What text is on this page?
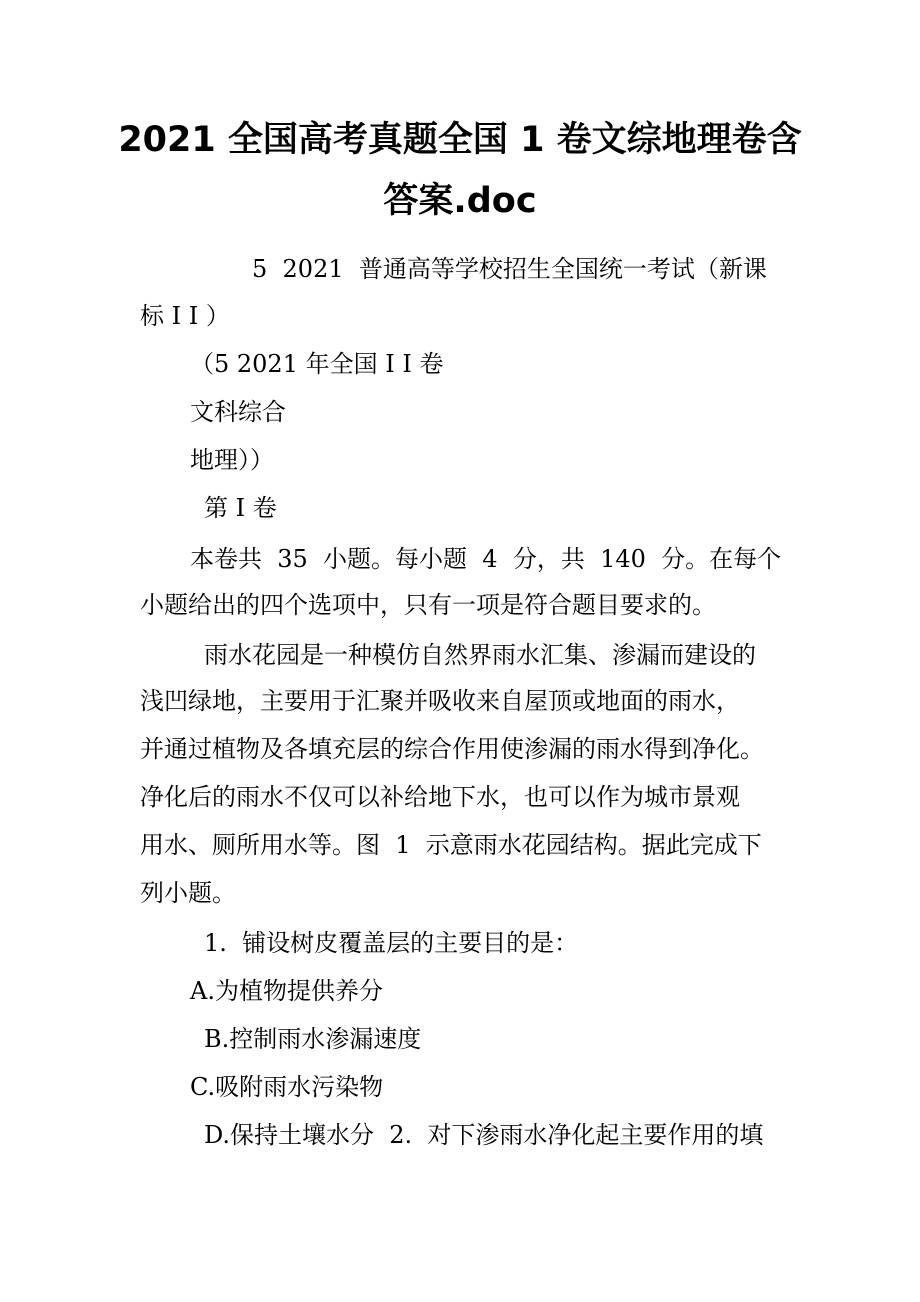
2021 全国高考真题全国 1 卷文综地理卷含
答案.doc

5  2021  普通高等学校招生全国统一考试（新课

标 I I ）

（5 2021 年全国 I I 卷

文科综合

地理））

第 I 卷

本卷共  35  小题。每小题  4  分，共  140  分。在每个

小题给出的四个选项中，只有一项是符合题目要求的。

雨水花园是一种模仿自然界雨水汇集、渗漏而建设的

浅凹绿地，主要用于汇聚并吸收来自屋顶或地面的雨水，

并通过植物及各填充层的综合作用使渗漏的雨水得到净化。

净化后的雨水不仅可以补给地下水，也可以作为城市景观

用水、厕所用水等。图  1  示意雨水花园结构。据此完成下

列小题。

1.  铺设树皮覆盖层的主要目的是：

A.为植物提供养分

B.控制雨水渗漏速度

C.吸附雨水污染物

D.保持土壤水分  2.  对下渗雨水净化起主要作用的填
